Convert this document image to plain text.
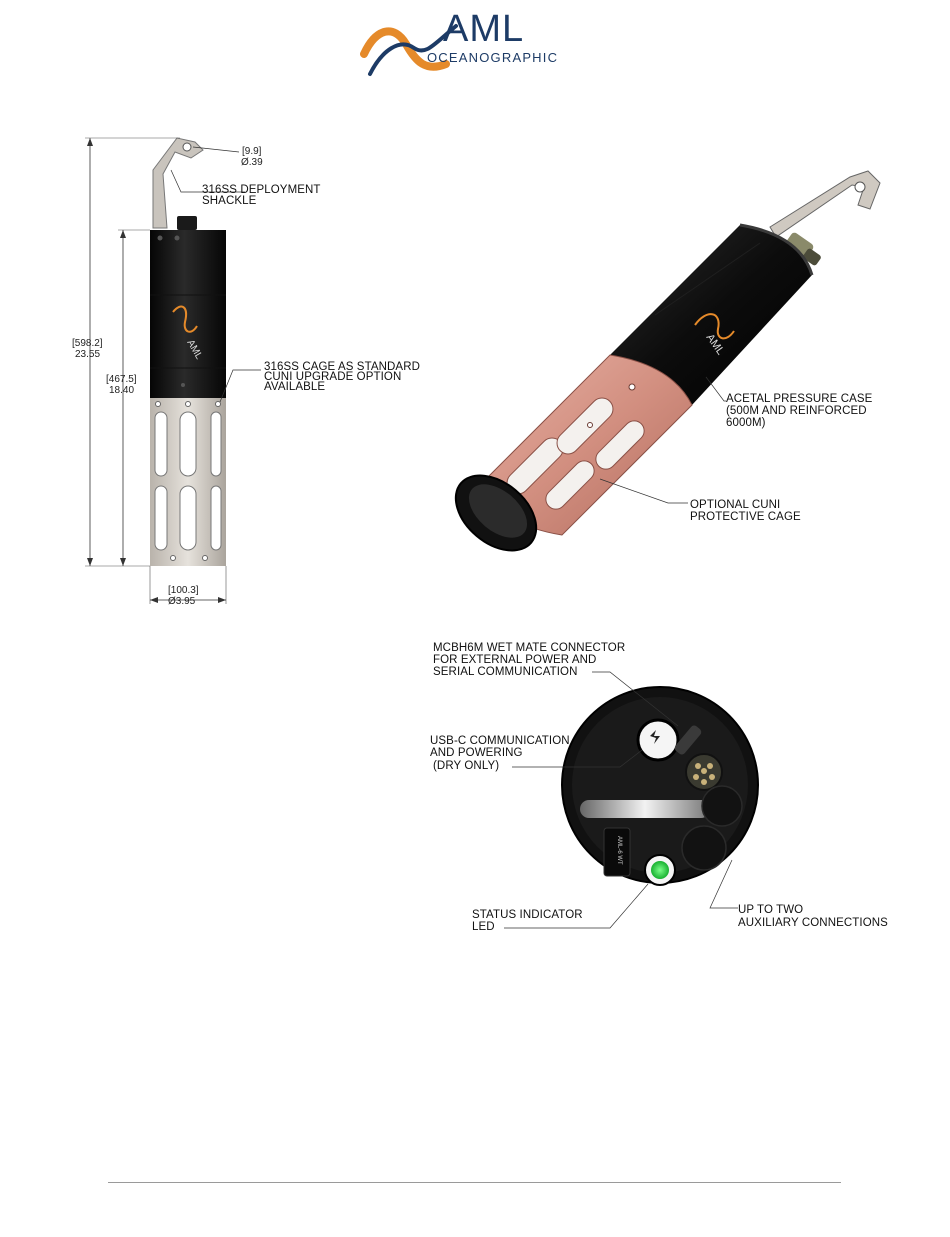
AML
OCEANOGRAPHIC
AML
[9.9]
Ø.39
316SS DEPLOYMENT
SHACKLE
[598.2]
23.55
[467.5]
18.40
316SS CAGE AS STANDARD
CUNI UPGRADE OPTION
AVAILABLE
[100.3]
Ø3.95
AML
ACETAL PRESSURE CASE
(500M AND REINFORCED
6000M)
OPTIONAL CUNI
PROTECTIVE CAGE
AML-6 WT
MCBH6M WET MATE CONNECTOR
FOR EXTERNAL POWER AND
SERIAL COMMUNICATION
USB-C COMMUNICATION
AND POWERING
(DRY ONLY)
STATUS INDICATOR
LED
UP TO TWO
AUXILIARY CONNECTIONS
